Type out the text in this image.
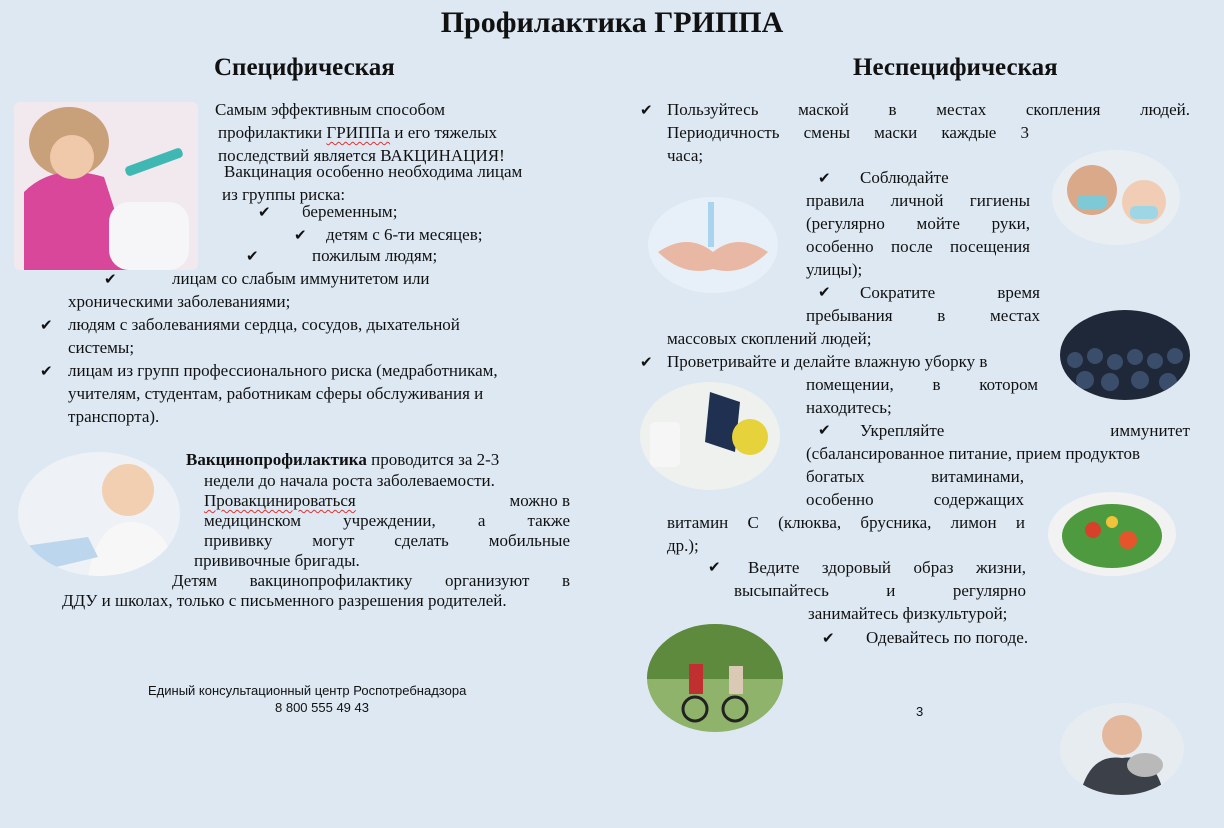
Профилактика ГРИППА
Специфическая
Самым эффективным способом
профилактики ГРИППа и его тяжелых
последствий является ВАКЦИНАЦИЯ!
Вакцинация особенно необходима лицам
из группы риска:
✔ беременным;
✔ детям с 6-ти месяцев;
✔	пожилым людям;
✔	лицам со слабым иммунитетом или
хроническими заболеваниями;
✔ людям с заболеваниями сердца, сосудов, дыхательной
системы;
✔ лицам из групп профессионального риска (медработникам,
учителям, студентам, работникам сферы обслуживания и
транспорта).
Вакцинопрофилактика проводится за 2-3
недели до начала роста заболеваемости.
Провакцинироваться	можно в
медицинском учреждении, а также
прививку могут сделать мобильные
прививочные бригады.
Детям вакцинопрофилактику организуют в
ДДУ и школах, только с письменного разрешения родителей.
Единый консультационный центр Роспотребнадзора
8 800 555 49 43
Неспецифическая
✔ Пользуйтесь маской в местах скопления людей.
Периодичность смены маски каждые 3
часа;
✔ Соблюдайте
правила личной гигиены
(регулярно мойте руки,
особенно после посещения
улицы);
✔	Сократите время
пребывания в местах
массовых скоплений людей;
✔ Проветривайте и делайте влажную уборку в
помещении, в котором
находитесь;
✔	Укрепляйте иммунитет
(сбалансированное питание, прием продуктов
богатых витаминами,
особенно содержащих
витамин С (клюква, брусника, лимон и
др.);
✔	Ведите здоровый образ жизни,
высыпайтесь и регулярно
занимайтесь физкультурой;
✔ Одевайтесь по погоде.
3
